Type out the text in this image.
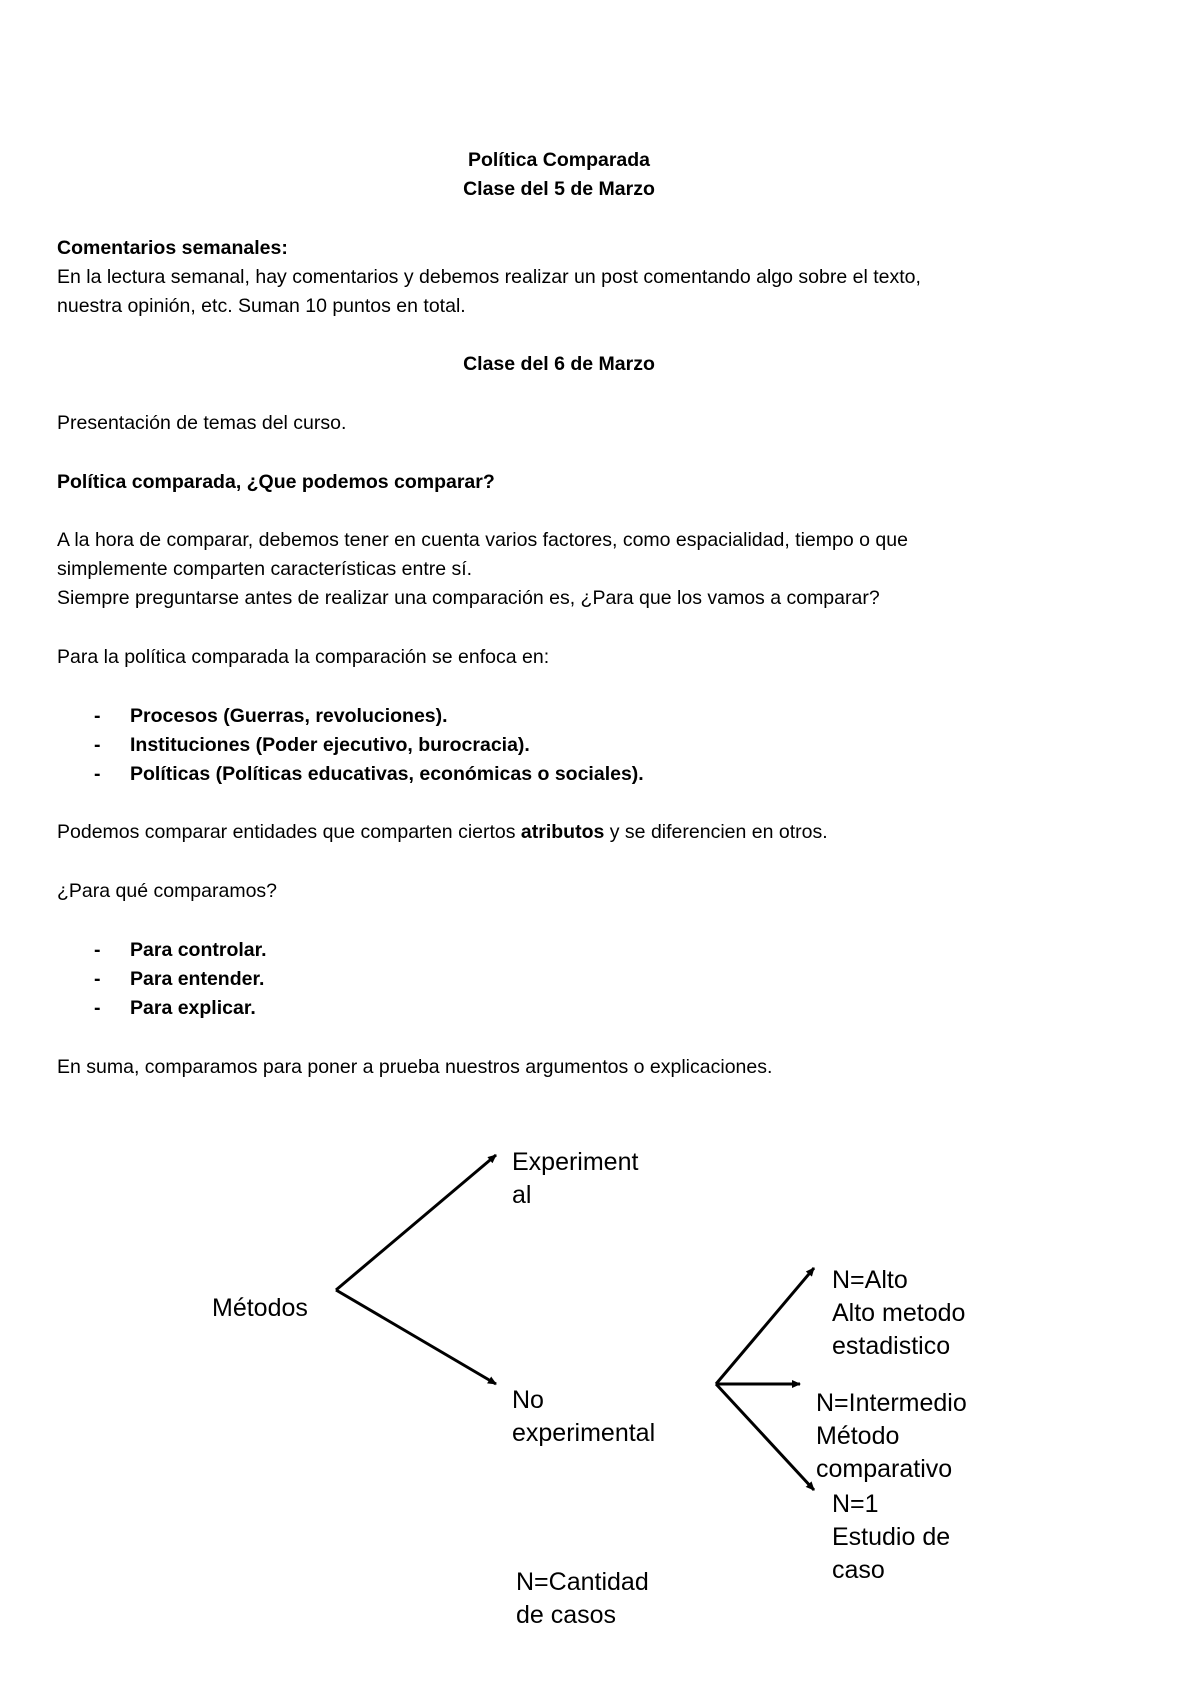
Política Comparada
Clase del 5 de Marzo
Comentarios semanales:
En la lectura semanal, hay comentarios y debemos realizar un post comentando algo sobre el texto,
nuestra opinión, etc. Suman 10 puntos en total.
Clase del 6 de Marzo
Presentación de temas del curso.
Política comparada, ¿Que podemos comparar?
A la hora de comparar, debemos tener en cuenta varios factores, como espacialidad, tiempo o que
simplemente comparten características entre sí.
Siempre preguntarse antes de realizar una comparación es, ¿Para que los vamos a comparar?
Para la política comparada la comparación se enfoca en:
- Procesos (Guerras, revoluciones).
- Instituciones (Poder ejecutivo, burocracia).
- Políticas (Políticas educativas, económicas o sociales).
Podemos comparar entidades que comparten ciertos atributos y se diferencien en otros.
¿Para qué comparamos?
- Para controlar.
- Para entender.
- Para explicar.
En suma, comparamos para poner a prueba nuestros argumentos o explicaciones.
Métodos
Experiment
al
No
experimental
N=Alto
Alto metodo
estadistico
N=Intermedio
Método
comparativo
N=1
Estudio de
caso
N=Cantidad
de casos
